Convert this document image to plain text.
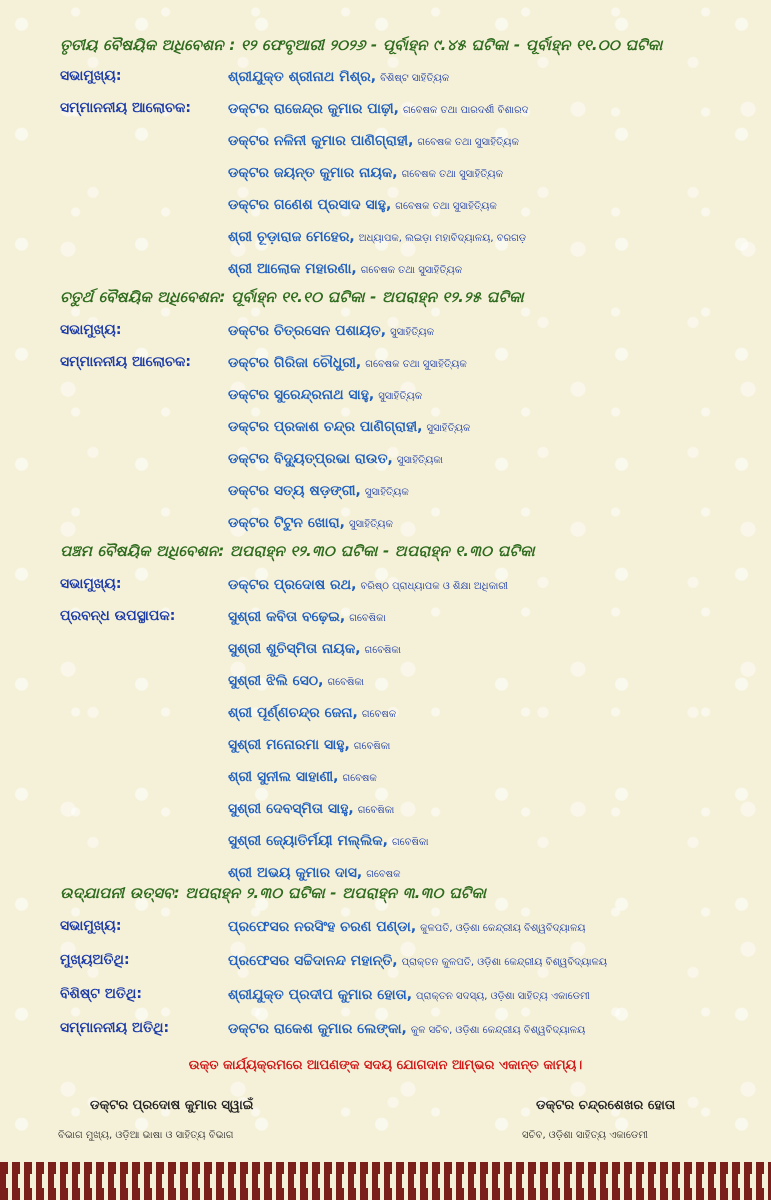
ତୃତୀୟ ବୈଷୟିକ ଅଧିବେଶନ : ୧୨ ଫେବୃଆରୀ ୨୦୨୬ - ପୂର୍ବାହ୍ନ ୯.୪୫ ଘଟିକା - ପୂର୍ବାହ୍ନ ୧୧.୦୦ ଘଟିକା
ସଭାମୁଖ୍ୟ:	ଶ୍ରୀଯୁକ୍ତ ଶ୍ରୀନାଥ ମିଶ୍ର, ବିଶିଷ୍ଟ ସାହିତ୍ୟିକ
ସମ୍ମାନନୀୟ ଆଲୋଚକ:	ଡକ୍ଟର ରାଜେନ୍ଦ୍ର କୁମାର ପାଢ଼ୀ, ଗବେଷକ ତଥା ପାରଦର୍ଶୀ ବିଶାରଦ
ଡକ୍ଟର ନଳିନୀ କୁମାର ପାଣିଗ୍ରାହୀ, ଗବେଷକ ତଥା ସୁସାହିତ୍ୟିକ
ଡକ୍ଟର ଜୟନ୍ତ କୁମାର ନାୟକ, ଗବେଷକ ତଥା ସୁସାହିତ୍ୟିକ
ଡକ୍ଟର ଗଣେଶ ପ୍ରସାଦ ସାହୁ, ଗବେଷକ ତଥା ସୁସାହିତ୍ୟିକ
ଶ୍ରୀ ଚୂଡ଼ାରାଜ ମେହେର, ଅଧ୍ୟାପକ, ଲଇଡ଼ା ମହାବିଦ୍ୟାଳୟ, ବରଗଡ଼
ଶ୍ରୀ ଆଲୋକ ମହାରଣା, ଗବେଷକ ତଥା ସୁସାହିତ୍ୟିକ
ଚତୁର୍ଥ ବୈଷୟିକ ଅଧିବେଶନ: ପୂର୍ବାହ୍ନ ୧୧.୧୦ ଘଟିକା - ଅପରାହ୍ନ ୧୨.୨୫ ଘଟିକା
ସଭାମୁଖ୍ୟ:	ଡକ୍ଟର ଚିତ୍ରସେନ ପଶାୟତ, ସୁସାହିତ୍ୟିକ
ସମ୍ମାନନୀୟ ଆଲୋଚକ:	ଡକ୍ଟର ଗିରିଜା ଚୌଧୁରୀ, ଗବେଷକ ତଥା ସୁସାହିତ୍ୟିକ
ଡକ୍ଟର ସୁରେନ୍ଦ୍ରନାଥ ସାହୁ, ସୁସାହିତ୍ୟିକ
ଡକ୍ଟର ପ୍ରକାଶ ଚନ୍ଦ୍ର ପାଣିଗ୍ରାହୀ, ସୁସାହିତ୍ୟିକ
ଡକ୍ଟର ବିଦ୍ୟୁତ୍‌ପ୍ରଭା ରାଉତ, ସୁସାହିତ୍ୟିକା
ଡକ୍ଟର ସତ୍ୟ ଷଡ଼ଙ୍ଗୀ, ସୁସାହିତ୍ୟିକ
ଡକ୍ଟର ଟିଟୁନ ଖୋରା, ସୁସାହିତ୍ୟିକ
ପଞ୍ଚମ ବୈଷୟିକ ଅଧିବେଶନ: ଅପରାହ୍ନ ୧୨.୩୦ ଘଟିକା - ଅପରାହ୍ନ ୧.୩୦ ଘଟିକା
ସଭାମୁଖ୍ୟ:	ଡକ୍ଟର ପ୍ରଦୋଷ ରଥ, ବରିଷ୍ଠ ପ୍ରାଧ୍ୟାପକ ଓ ଶିକ୍ଷା ଅଧିକାରୀ
ପ୍ରବନ୍ଧ ଉପସ୍ଥାପକ:	ସୁଶ୍ରୀ କବିତା ବଢ଼େଇ, ଗବେଷିକା
ସୁଶ୍ରୀ ଶୁଚିସ୍ମିତା ନାୟକ, ଗବେଷିକା
ସୁଶ୍ରୀ ଝିଲି ସେଠ, ଗବେଷିକା
ଶ୍ରୀ ପୂର୍ଣ୍ଣଚନ୍ଦ୍ର ଜେନା, ଗବେଷକ
ସୁଶ୍ରୀ ମନୋରମା ସାହୁ, ଗବେଷିକା
ଶ୍ରୀ ସୁନୀଲ ସାହାଣୀ, ଗବେଷକ
ସୁଶ୍ରୀ ଦେବସ୍ମିତା ସାହୁ, ଗବେଷିକା
ସୁଶ୍ରୀ ଜ୍ୟୋତିର୍ମୟୀ ମଲ୍ଲିକ, ଗବେଷିକା
ଶ୍ରୀ ଅଭୟ କୁମାର ଦାସ, ଗବେଷକ
ଉଦ୍‌ଯାପନୀ ଉତ୍ସବ: ଅପରାହ୍ନ ୨.୩୦ ଘଟିକା - ଅପରାହ୍ନ ୩.୩୦ ଘଟିକା
ସଭାମୁଖ୍ୟ:	ପ୍ରଫେସର ନରସିଂହ ଚରଣ ପଣ୍ଡା, କୁଳପତି, ଓଡ଼ିଶା କେନ୍ଦ୍ରୀୟ ବିଶ୍ୱବିଦ୍ୟାଳୟ
ମୁଖ୍ୟଅତିଥି:	ପ୍ରଫେସର ସଚ୍ଚିଦାନନ୍ଦ ମହାନ୍ତି, ପ୍ରାକ୍ତନ କୁଳପତି, ଓଡ଼ିଶା କେନ୍ଦ୍ରୀୟ ବିଶ୍ୱବିଦ୍ୟାଳୟ
ବିଶିଷ୍ଟ ଅତିଥି:	ଶ୍ରୀଯୁକ୍ତ ପ୍ରଦୀପ କୁମାର ହୋତା, ପ୍ରାକ୍ତନ ସଦସ୍ୟ, ଓଡ଼ିଶା ସାହିତ୍ୟ ଏକାଡେମୀ
ସମ୍ମାନନୀୟ ଅତିଥି:	ଡକ୍ଟର ରାକେଶ କୁମାର ଲେଙ୍କା, କୁଳ ସଚିବ, ଓଡ଼ିଶା କେନ୍ଦ୍ରୀୟ ବିଶ୍ୱବିଦ୍ୟାଳୟ
ଉକ୍ତ କାର୍ଯ୍ୟକ୍ରମରେ ଆପଣଙ୍କ ସଦୟ ଯୋଗଦାନ ଆମ୍ଭର ଏକାନ୍ତ କାମ୍ୟ।
ଡକ୍ଟର ପ୍ରଦୋଷ କୁମାର ସ୍ୱାଇଁ
ବିଭାଗ ମୁଖ୍ୟ, ଓଡ଼ିଆ ଭାଷା ଓ ସାହିତ୍ୟ ବିଭାଗ
ଡକ୍ଟର ଚନ୍ଦ୍ରଶେଖର ହୋତା
ସଚିବ, ଓଡ଼ିଶା ସାହିତ୍ୟ ଏକାଡେମୀ
